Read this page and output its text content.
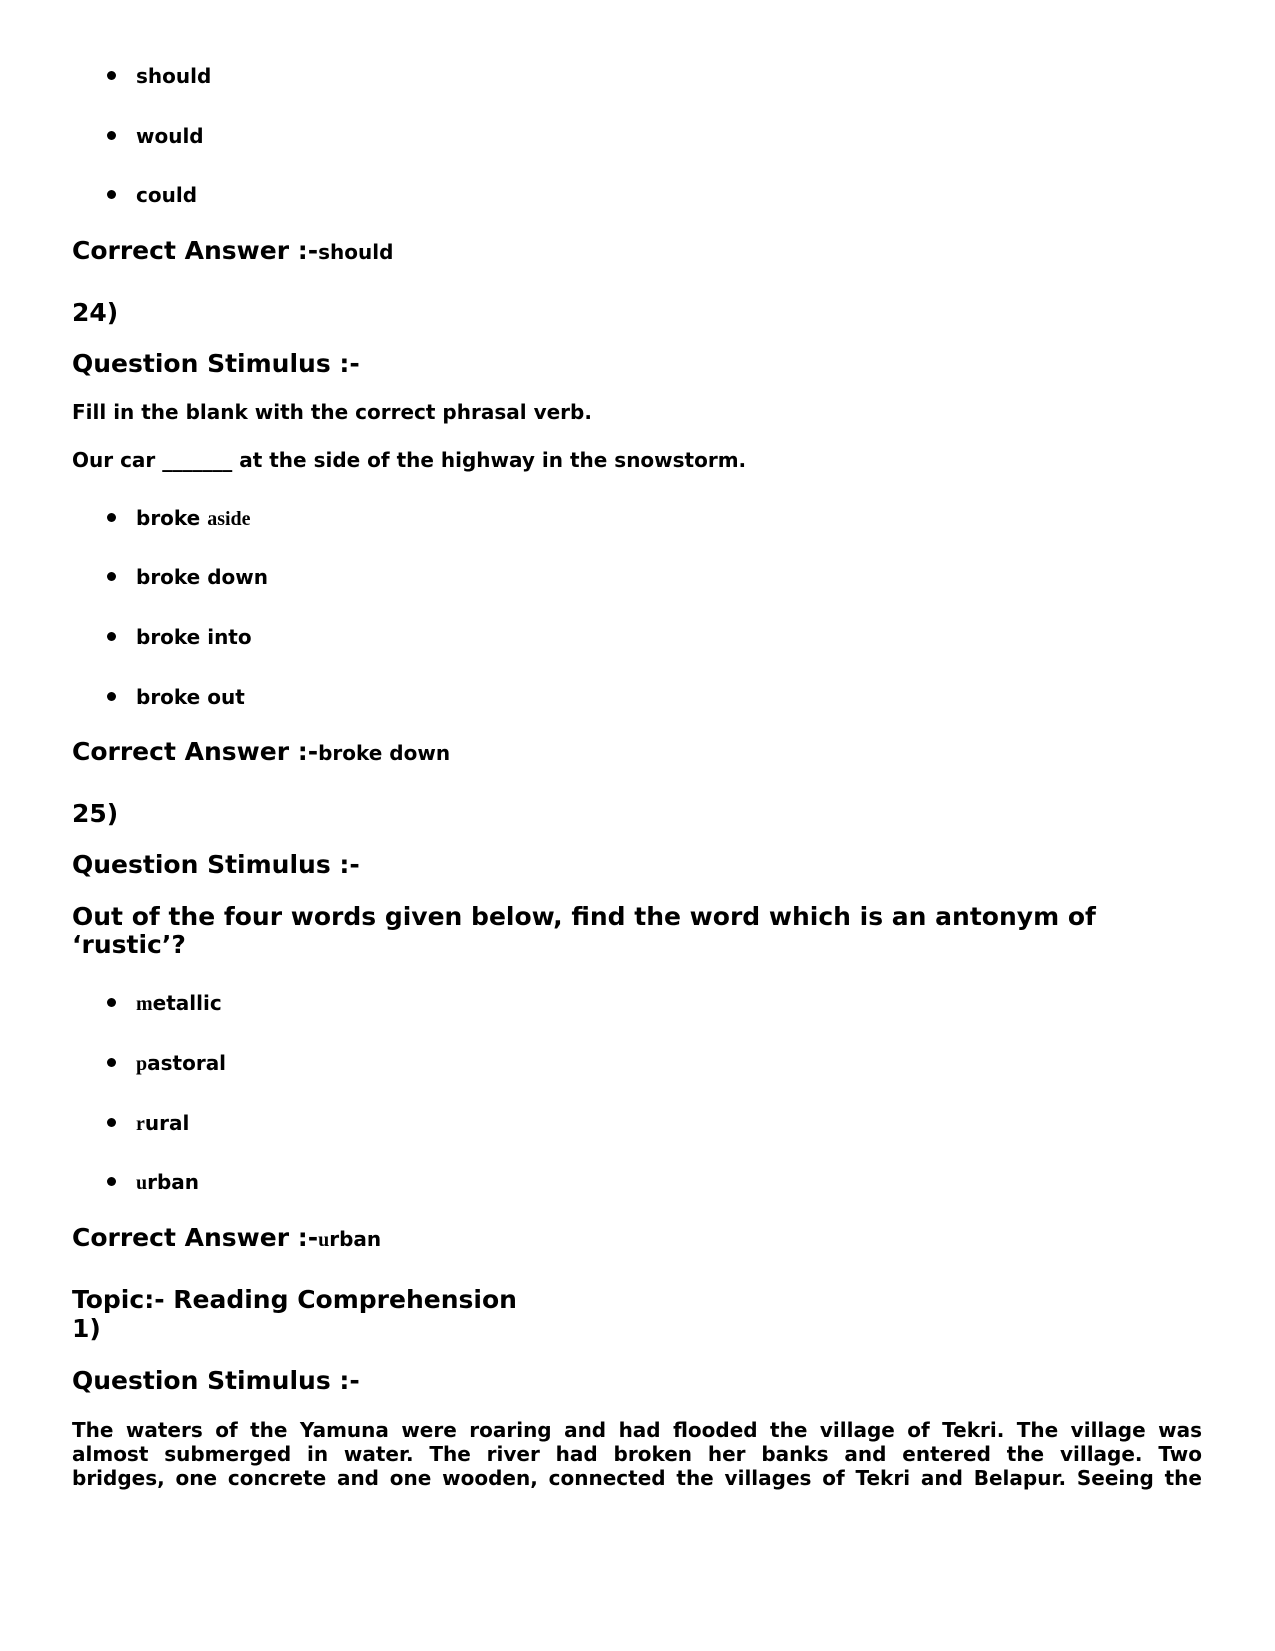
should
would
could
Correct Answer :-should
24)
Question Stimulus :-
Fill in the blank with the correct phrasal verb.
Our car _______ at the side of the highway in the snowstorm.
broke aside
broke down
broke into
broke out
Correct Answer :-broke down
25)
Question Stimulus :-
Out of the four words given below, find the word which is an antonym of ‘rustic’?
metallic
pastoral
rural
urban
Correct Answer :-urban
Topic:- Reading Comprehension
1)
Question Stimulus :-
The waters of the Yamuna were roaring and had flooded the village of Tekri. The village was
almost submerged in water. The river had broken her banks and entered the village. Two
bridges, one concrete and one wooden, connected the villages of Tekri and Belapur. Seeing the
